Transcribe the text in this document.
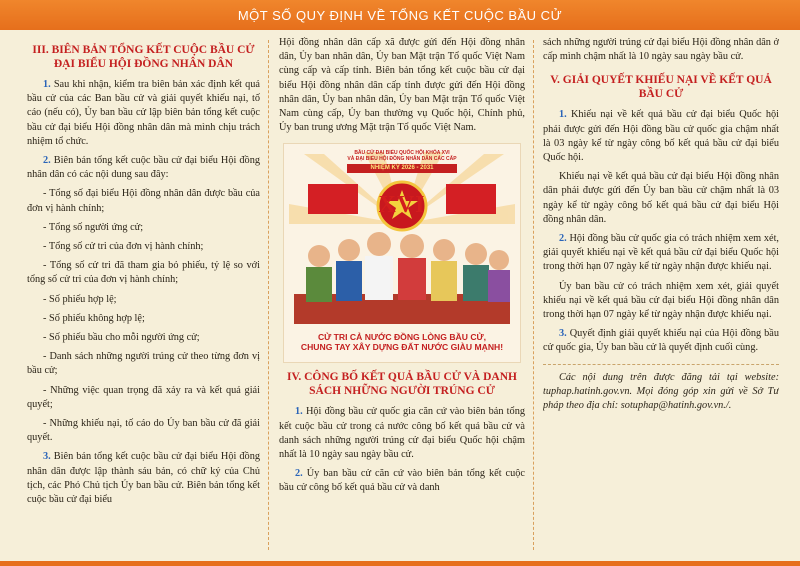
MỘT SỐ QUY ĐỊNH VỀ TỔNG KẾT CUỘC BẦU CỬ
III. BIÊN BẢN TỔNG KẾT CUỘC BẦU CỬ ĐẠI BIỂU HỘI ĐỒNG NHÂN DÂN

1. Sau khi nhận, kiểm tra biên bản xác định kết quả bầu cử của các Ban bầu cử và giải quyết khiếu nại, tố cáo (nếu có), Ủy ban bầu cử lập biên bản tổng kết cuộc bầu cử đại biểu Hội đồng nhân dân mà mình chịu trách nhiệm tổ chức.

2. Biên bản tổng kết cuộc bầu cử đại biểu Hội đồng nhân dân có các nội dung sau đây:

- Tổng số đại biểu Hội đồng nhân dân được bầu của đơn vị hành chính;

- Tổng số người ứng cử;

- Tổng số cử tri của đơn vị hành chính;

- Tổng số cử tri đã tham gia bỏ phiếu, tỷ lệ so với tổng số cử tri của đơn vị hành chính;

- Số phiếu hợp lệ;

- Số phiếu không hợp lệ;

- Số phiếu bầu cho mỗi người ứng cử;

- Danh sách những người trúng cử theo từng đơn vị bầu cử;

- Những việc quan trọng đã xảy ra và kết quả giải quyết;

- Những khiếu nại, tố cáo do Ủy ban bầu cử đã giải quyết.

3. Biên bản tổng kết cuộc bầu cử đại biểu Hội đồng nhân dân được lập thành sáu bản, có chữ ký của Chủ tịch, các Phó Chủ tịch Ủy ban bầu cử. Biên bản tổng kết cuộc bầu cử đại biểu

Hội đồng nhân dân cấp xã được gửi đến Hội đồng nhân dân, Ủy ban nhân dân, Ủy ban Mặt trận Tổ quốc Việt Nam cùng cấp và cấp tỉnh. Biên bản tổng kết cuộc bầu cử đại biểu Hội đồng nhân dân cấp tỉnh được gửi đến Hội đồng nhân dân, Ủy ban nhân dân, Ủy ban Mặt trận Tổ quốc Việt Nam cùng cấp, Ủy ban thường vụ Quốc hội, Chính phủ, Ủy ban trung ương Mặt trận Tổ quốc Việt Nam.

BẦU CỬ ĐẠI BIỂU QUỐC HỘI KHÓA XVI
VÀ ĐẠI BIỂU HỘI ĐỒNG NHÂN DÂN CÁC CẤP
NHIỆM KỲ 2026 - 2031
XVI
CỬ TRI CẢ NƯỚC ĐỒNG LÒNG BẦU CỬ,
CHUNG TAY XÂY DỰNG ĐẤT NƯỚC GIÀU MẠNH!
IV. CÔNG BỐ KẾT QUẢ BẦU CỬ VÀ DANH SÁCH NHỮNG NGƯỜI TRÚNG CỬ

1. Hội đồng bầu cử quốc gia căn cứ vào biên bản tổng kết cuộc bầu cử trong cả nước công bố kết quả bầu cử và danh sách những người trúng cử đại biểu Quốc hội chậm nhất là 10 ngày sau ngày bầu cử.

2. Ủy ban bầu cử căn cứ vào biên bản tổng kết cuộc bầu cử công bố kết quả bầu cử và danh

sách những người trúng cử đại biểu Hội đồng nhân dân ở cấp mình chậm nhất là 10 ngày sau ngày bầu cử.

V. GIẢI QUYẾT KHIẾU NẠI VỀ KẾT QUẢ BẦU CỬ

1. Khiếu nại về kết quả bầu cử đại biểu Quốc hội phải được gửi đến Hội đồng bầu cử quốc gia chậm nhất là 03 ngày kể từ ngày công bố kết quả bầu cử đại biểu Quốc hội.

Khiếu nại về kết quả bầu cử đại biểu Hội đồng nhân dân phải được gửi đến Ủy ban bầu cử chậm nhất là 03 ngày kể từ ngày công bố kết quả bầu cử đại biểu Hội đồng nhân dân.

2. Hội đồng bầu cử quốc gia có trách nhiệm xem xét, giải quyết khiếu nại về kết quả bầu cử đại biểu Quốc hội trong thời hạn 07 ngày kể từ ngày nhận được khiếu nại.

Ủy ban bầu cử có trách nhiệm xem xét, giải quyết khiếu nại về kết quả bầu cử đại biểu Hội đồng nhân dân trong thời hạn 07 ngày kể từ ngày nhận được khiếu nại.

3. Quyết định giải quyết khiếu nại của Hội đồng bầu cử quốc gia, Ủy ban bầu cử là quyết định cuối cùng.

Các nội dung trên được đăng tải tại website: tuphap.hatinh.gov.vn. Mọi đóng góp xin gửi về Sở Tư pháp theo địa chỉ: sotuphap@hatinh.gov.vn./.
